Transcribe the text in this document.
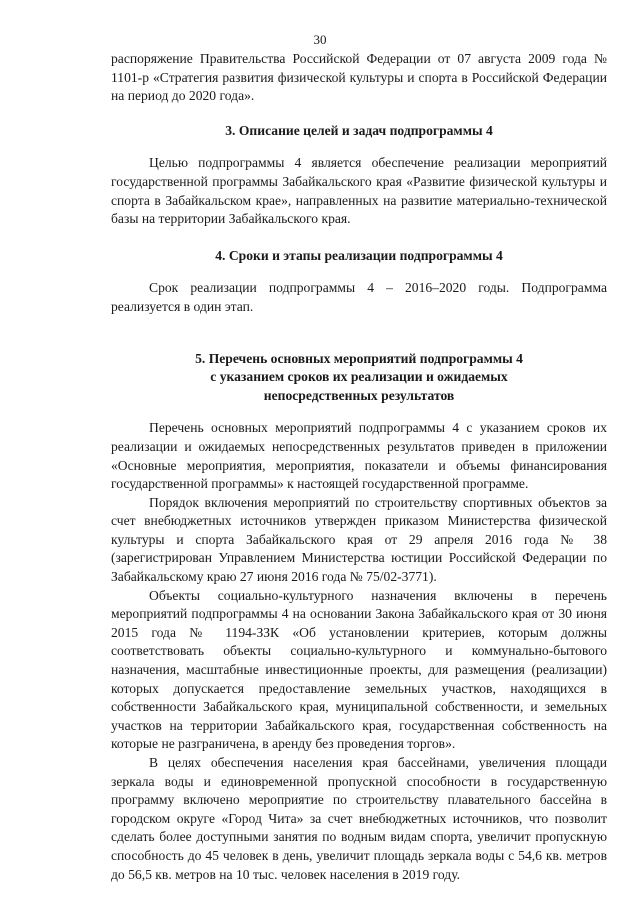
30

распоряжение Правительства Российской Федерации от 07 августа 2009 года № 1101-р «Стратегия развития физической культуры и спорта в Российской Федерации на период до 2020 года».

3. Описание целей и задач подпрограммы 4

Целью подпрограммы 4 является обеспечение реализации мероприятий государственной программы Забайкальского края «Развитие физической культуры и спорта в Забайкальском крае», направленных на развитие материально-технической базы на территории Забайкальского края.

4. Сроки и этапы реализации подпрограммы 4

Срок реализации подпрограммы 4 – 2016–2020 годы. Подпрограмма реализуется в один этап.

5. Перечень основных мероприятий подпрограммы 4
с указанием сроков их реализации и ожидаемых
непосредственных результатов

Перечень основных мероприятий подпрограммы 4 с указанием сроков их реализации и ожидаемых непосредственных результатов приведен в приложении «Основные мероприятия, мероприятия, показатели и объемы финансирования государственной программы» к настоящей государственной программе.

Порядок включения мероприятий по строительству спортивных объектов за счет внебюджетных источников утвержден приказом Министерства физической культуры и спорта Забайкальского края от 29 апреля 2016 года № 38 (зарегистрирован Управлением Министерства юстиции Российской Федерации по Забайкальскому краю 27 июня 2016 года № 75/02-3771).

Объекты социально-культурного назначения включены в перечень мероприятий подпрограммы 4 на основании Закона Забайкальского края от 30 июня 2015 года № 1194-ЗЗК «Об установлении критериев, которым должны соответствовать объекты социально-культурного и коммунально-бытового назначения, масштабные инвестиционные проекты, для размещения (реализации) которых допускается предоставление земельных участков, находящихся в собственности Забайкальского края, муниципальной собственности, и земельных участков на территории Забайкальского края, государственная собственность на которые не разграничена, в аренду без проведения торгов».

В целях обеспечения населения края бассейнами, увеличения площади зеркала воды и единовременной пропускной способности в государственную программу включено мероприятие по строительству плавательного бассейна в городском округе «Город Чита» за счет внебюджетных источников, что позволит сделать более доступными занятия по водным видам спорта, увеличит пропускную способность до 45 человек в день, увеличит площадь зеркала воды с 54,6 кв. метров до 56,5 кв. метров на 10 тыс. человек населения в 2019 году.
